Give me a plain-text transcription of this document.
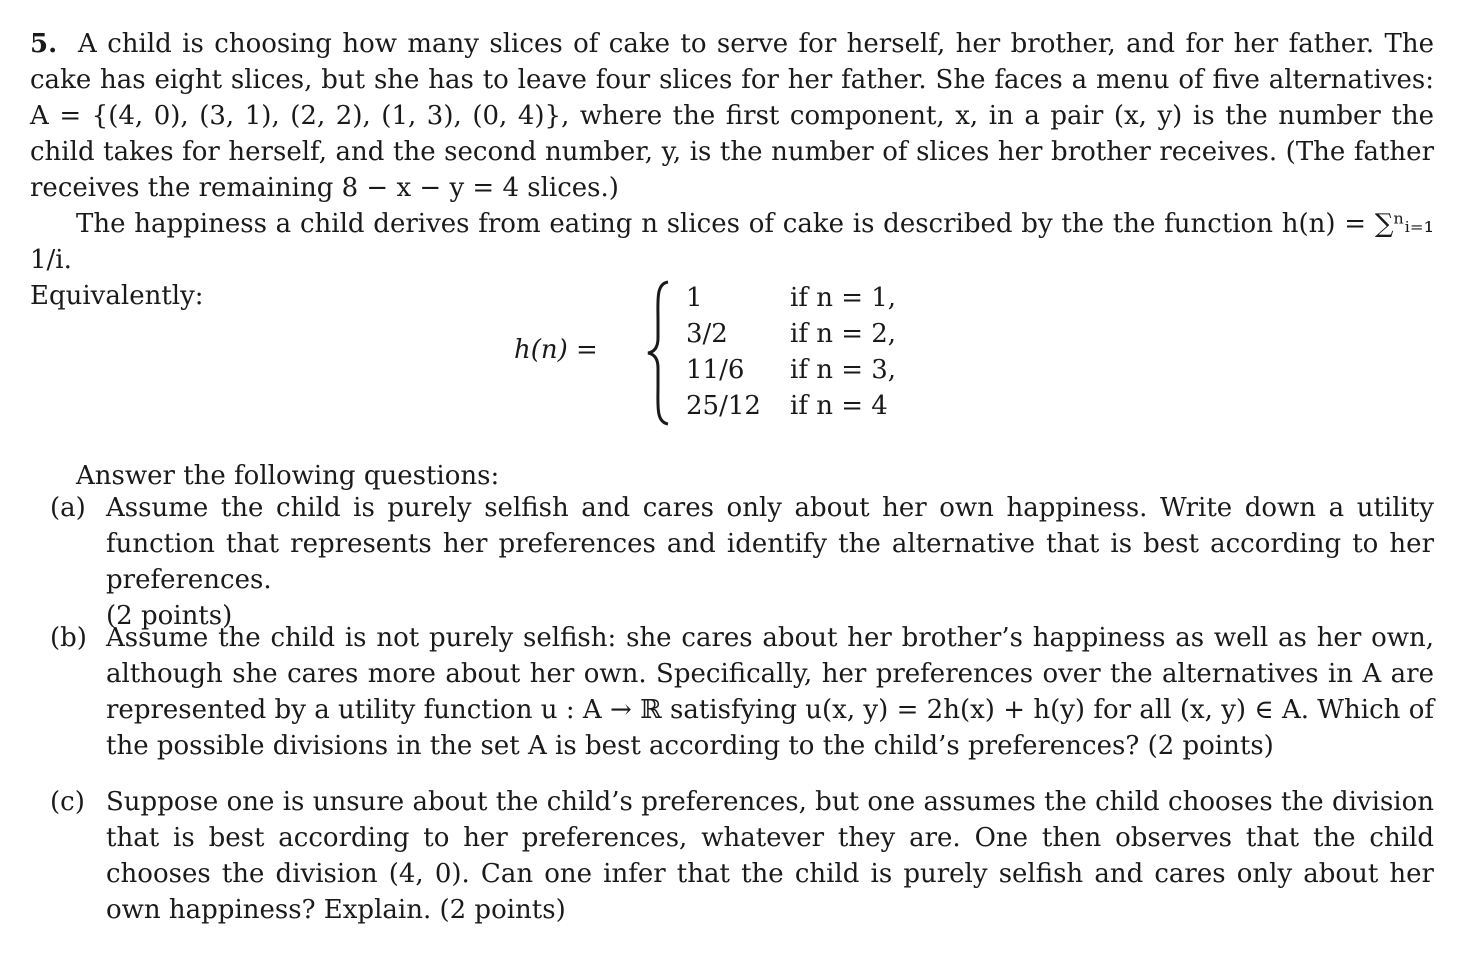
5. A child is choosing how many slices of cake to serve for herself, her brother, and for her father. The cake has eight slices, but she has to leave four slices for her father. She faces a menu of five alternatives: A = {(4, 0), (3, 1), (2, 2), (1, 3), (0, 4)}, where the first component, x, in a pair (x, y) is the number the child takes for herself, and the second number, y, is the number of slices her brother receives. (The father receives the remaining 8 − x − y = 4 slices.)
The happiness a child derives from eating n slices of cake is described by the the function h(n) = ∑ⁿᵢ₌₁ 1/i.
Equivalently:
h(n) =
1	if n = 1,
3/2	if n = 2,
11/6	if n = 3,
25/12	if n = 4
Answer the following questions:
(a) Assume the child is purely selfish and cares only about her own happiness. Write down a utility function that represents her preferences and identify the alternative that is best according to her preferences.
(2 points)
(b) Assume the child is not purely selfish: she cares about her brother’s happiness as well as her own, although she cares more about her own. Specifically, her preferences over the alternatives in A are represented by a utility function u : A → ℝ satisfying u(x, y) = 2h(x) + h(y) for all (x, y) ∈ A. Which of the possible divisions in the set A is best according to the child’s preferences? (2 points)
(c) Suppose one is unsure about the child’s preferences, but one assumes the child chooses the division that is best according to her preferences, whatever they are. One then observes that the child chooses the division (4, 0). Can one infer that the child is purely selfish and cares only about her own happiness? Explain. (2 points)
